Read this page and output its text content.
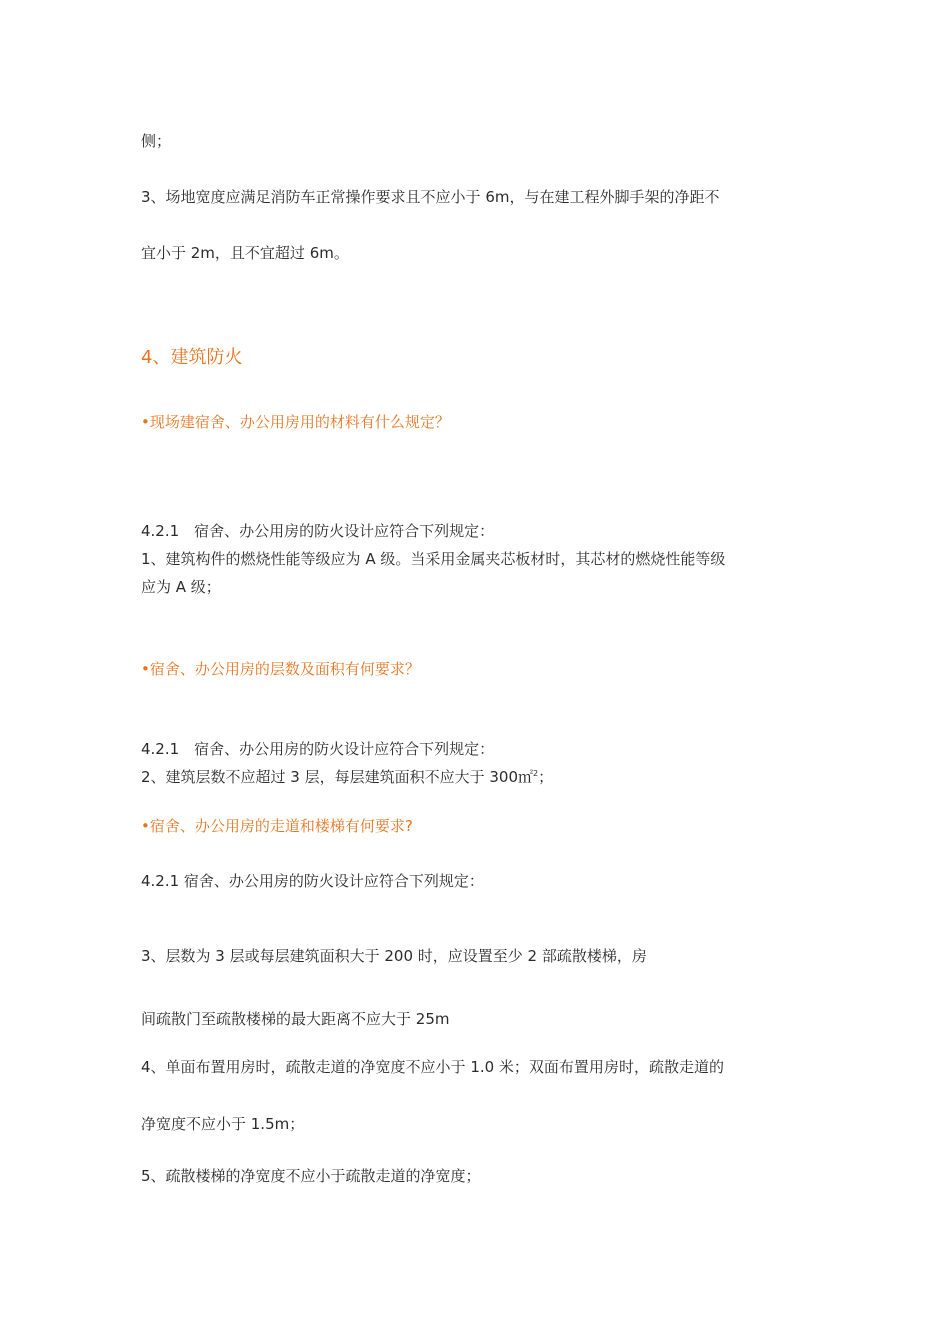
侧；
3、场地宽度应满足消防车正常操作要求且不应小于 6m，与在建工程外脚手架的净距不
宜小于 2m，且不宜超过 6m。
4、建筑防火
•现场建宿舍、办公用房用的材料有什么规定？
4.2.1　宿舍、办公用房的防火设计应符合下列规定：
1、建筑构件的燃烧性能等级应为 A 级。当采用金属夹芯板材时，其芯材的燃烧性能等级
应为 A 级；
•宿舍、办公用房的层数及面积有何要求？
4.2.1　宿舍、办公用房的防火设计应符合下列规定：
2、建筑层数不应超过 3 层，每层建筑面积不应大于 300㎡$^2$；
•宿舍、办公用房的走道和楼梯有何要求?
4.2.1 宿舍、办公用房的防火设计应符合下列规定：
3、层数为 3 层或每层建筑面积大于 200 时，应设置至少 2 部疏散楼梯，房
间疏散门至疏散楼梯的最大距离不应大于 25m
4、单面布置用房时，疏散走道的净宽度不应小于 1.0 米；双面布置用房时，疏散走道的
净宽度不应小于 1.5m；
5、疏散楼梯的净宽度不应小于疏散走道的净宽度；
